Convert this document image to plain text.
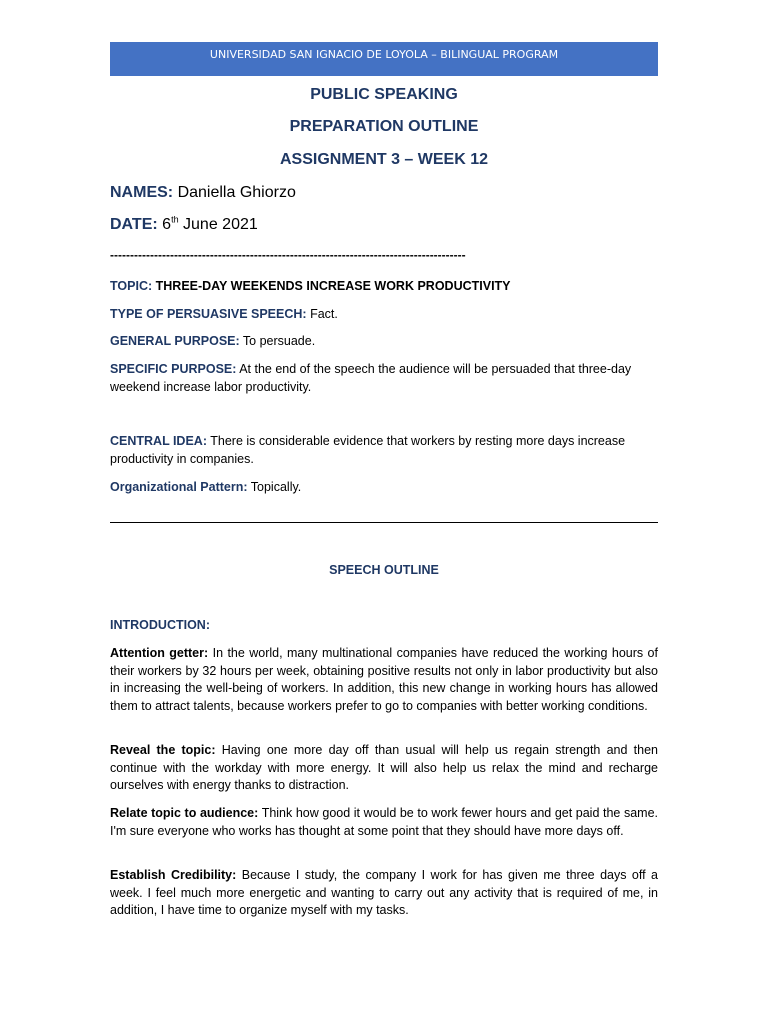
UNIVERSIDAD SAN IGNACIO DE LOYOLA – BILINGUAL PROGRAM
PUBLIC SPEAKING
PREPARATION OUTLINE
ASSIGNMENT 3 – WEEK 12
NAMES: Daniella Ghiorzo
DATE: 6th June 2021
-----------------------------------------------------------------------------------------
TOPIC: THREE-DAY WEEKENDS INCREASE WORK PRODUCTIVITY
TYPE OF PERSUASIVE SPEECH: Fact.
GENERAL PURPOSE: To persuade.
SPECIFIC PURPOSE: At the end of the speech the audience will be persuaded that three-day weekend increase labor productivity.
CENTRAL IDEA: There is considerable evidence that workers by resting more days increase productivity in companies.
Organizational Pattern: Topically.
SPEECH OUTLINE
INTRODUCTION:
Attention getter: In the world, many multinational companies have reduced the working hours of their workers by 32 hours per week, obtaining positive results not only in labor productivity but also in increasing the well-being of workers. In addition, this new change in working hours has allowed them to attract talents, because workers prefer to go to companies with better working conditions.
Reveal the topic: Having one more day off than usual will help us regain strength and then continue with the workday with more energy. It will also help us relax the mind and recharge ourselves with energy thanks to distraction.
Relate topic to audience: Think how good it would be to work fewer hours and get paid the same. I'm sure everyone who works has thought at some point that they should have more days off.
Establish Credibility: Because I study, the company I work for has given me three days off a week. I feel much more energetic and wanting to carry out any activity that is required of me, in addition, I have time to organize myself with my tasks.
